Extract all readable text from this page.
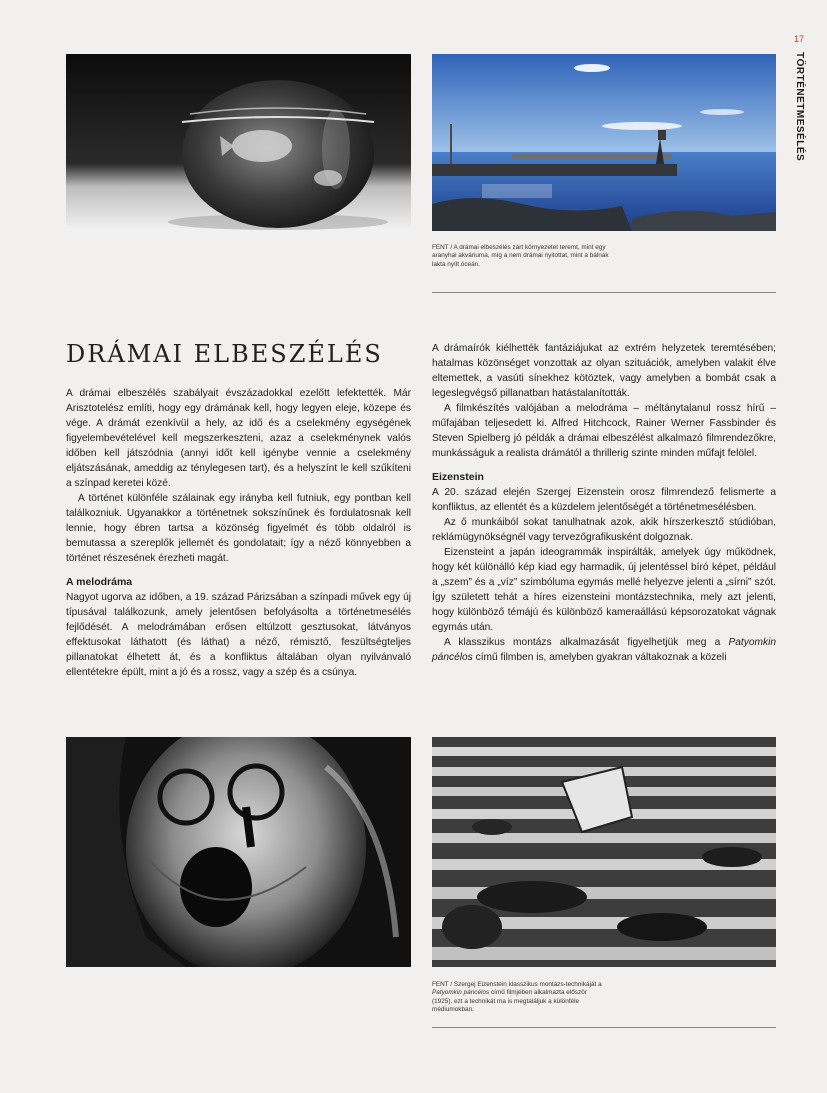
17
TÖRTÉNETMESÉLÉS
FENT / A drámai elbeszélés zárt környezetet teremt, mint egy aranyhal akváriuma, míg a nem drámai nyitottat, mint a bálnák lakta nyílt óceán.
DRÁMAI ELBESZÉLÉS

A drámai elbeszélés szabályait évszázadokkal ezelőtt lefektették. Már Arisztotelész említi, hogy egy drámának kell, hogy legyen eleje, közepe és vége. A drámát ezenkívül a hely, az idő és a cselekmény egységének figyelembevételével kell megszerkeszteni, azaz a cselekménynek valós időben kell játszódnia (annyi időt kell igénybe vennie a cselekmény eljátszásának, ameddig az ténylegesen tart), és a helyszínt le kell szűkíteni a színpad keretei közé.

A történet különféle szálainak egy irányba kell futniuk, egy pontban kell találkozniuk. Ugyanakkor a történetnek sokszínűnek és fordulatosnak kell lennie, hogy ébren tartsa a közönség figyelmét és több oldalról is bemutassa a szereplők jellemét és gondolatait; így a néző könnyebben a történet részesének érezheti magát.

A melodráma

Nagyot ugorva az időben, a 19. század Párizsában a színpadi művek egy új típusával találkozunk, amely jelentősen befolyásolta a történetmesélés fejlődését. A melodrámában erősen eltúlzott gesztusokat, látványos effektusokat láthatott (és láthat) a néző, rémisztő, feszültségteljes pillanatokat élhetett át, és a konfliktus általában olyan nyilvánvaló ellentétekre épült, mint a jó és a rossz, vagy a szép és a csúnya.

A drámaírók kiélhették fantáziájukat az extrém helyzetek teremtésében; hatalmas közönséget vonzottak az olyan szituációk, amelyben valakit élve eltemettek, a vasúti sínekhez kötöztek, vagy amelyben a bombát csak a legeslegvégső pillanatban hatástalanították.

A filmkészítés valójában a melodráma – méltánytalanul rossz hírű – műfajában teljesedett ki. Alfred Hitchcock, Rainer Werner Fassbinder és Steven Spielberg jó példák a drámai elbeszélést alkalmazó filmrendezőkre, munkásságuk a realista drámától a thrillerig szinte minden műfajt felölel.

Eizenstein

A 20. század elején Szergej Eizenstein orosz filmrendező felismerte a konfliktus, az ellentét és a küzdelem jelentőségét a történetmesélésben.

Az ő munkáiból sokat tanulhatnak azok, akik hírszerkesztő stúdióban, reklámügynökségnél vagy tervezőgrafikusként dolgoznak.

Eizensteint a japán ideogrammák inspirálták, amelyek úgy működnek, hogy két különálló kép kiad egy harmadik, új jelentéssel bíró képet, például a „szem” és a „víz” szimbóluma egymás mellé helyezve jelenti a „sírni” szót. Így született tehát a híres eizensteini montázstechnika, mely azt jelenti, hogy különböző témájú és különböző kameraállású képsorozatokat vágnak egymás után.

A klasszikus montázs alkalmazását figyelhetjük meg a Patyomkin páncélos című filmben is, amelyben gyakran váltakoznak a közeli

FENT / Szergej Eizenstein klasszikus montázs-technikáját a Patyomkin páncélos című filmjében alkalmazta először (1925), ezt a technikát ma is megtaláljuk a különféle médiumokban.
